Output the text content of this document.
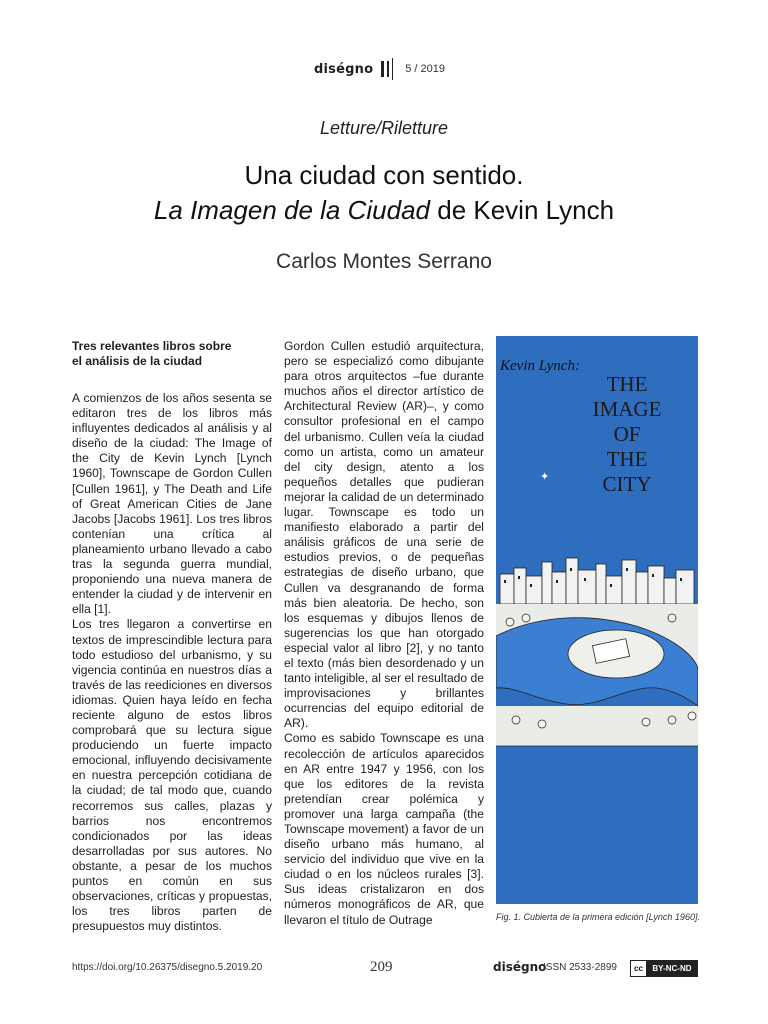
diségno	5 / 2019
Letture/Riletture
Una ciudad con sentido.
La Imagen de la Ciudad de Kevin Lynch
Carlos Montes Serrano

Tres relevantes libros sobre
el análisis de la ciudad

A comienzos de los años sesenta se editaron tres de los libros más influyentes dedicados al análisis y al diseño de la ciudad: The Image of the City de Kevin Lynch [Lynch 1960], Townscape de Gordon Cullen [Cullen 1961], y The Death and Life of Great American Cities de Jane Jacobs [Jacobs 1961]. Los tres libros contenían una crítica al planeamiento urbano llevado a cabo tras la segunda guerra mundial, proponiendo una nueva manera de entender la ciudad y de intervenir en ella [1].

Los tres llegaron a convertirse en textos de imprescindible lectura para todo estudioso del urbanismo, y su vigencia continúa en nuestros días a través de las reediciones en diversos idiomas. Quien haya leído en fecha reciente alguno de estos libros comprobará que su lectura sigue produciendo un fuerte impacto emocional, influyendo decisivamente en nuestra percepción cotidiana de la ciudad; de tal modo que, cuando recorremos sus calles, plazas y barrios nos encontremos condicionados por las ideas desarrolladas por sus autores. No obstante, a pesar de los muchos puntos en común en sus observaciones, críticas y propuestas, los tres libros parten de presupuestos muy distintos.

Gordon Cullen estudió arquitectura, pero se especializó como dibujante para otros arquitectos –fue durante muchos años el director artístico de Architectural Review (AR)–, y como consultor profesional en el campo del urbanismo. Cullen veía la ciudad como un artista, como un amateur del city design, atento a los pequeños detalles que pudieran mejorar la calidad de un determinado lugar. Townscape es todo un manifiesto elaborado a partir del análisis gráficos de una serie de estudios previos, o de pequeñas estrategias de diseño urbano, que Cullen va desgranando de forma más bien aleatoria. De hecho, son los esquemas y dibujos llenos de sugerencias los que han otorgado especial valor al libro [2], y no tanto el texto (más bien desordenado y un tanto inteligible, al ser el resultado de improvisaciones y brillantes ocurrencias del equipo editorial de AR).

Como es sabido Townscape es una recolección de artículos aparecidos en AR entre 1947 y 1956, con los que los editores de la revista pretendían crear polémica y promover una larga campaña (the Townscape movement) a favor de un diseño urbano más humano, al servicio del individuo que vive en la ciudad o en los núcleos rurales [3]. Sus ideas cristalizaron en dos números monográficos de AR, que llevaron el título de Outrage

✦
Kevin Lynch:
THE
IMAGE
OF
THE
CITY
Fig. 1. Cubierta de la primera edición [Lynch 1960].
https://doi.org/10.26375/disegno.5.2019.20	209	diségno
ISSN 2533-2899	cc	BY-NC-ND
